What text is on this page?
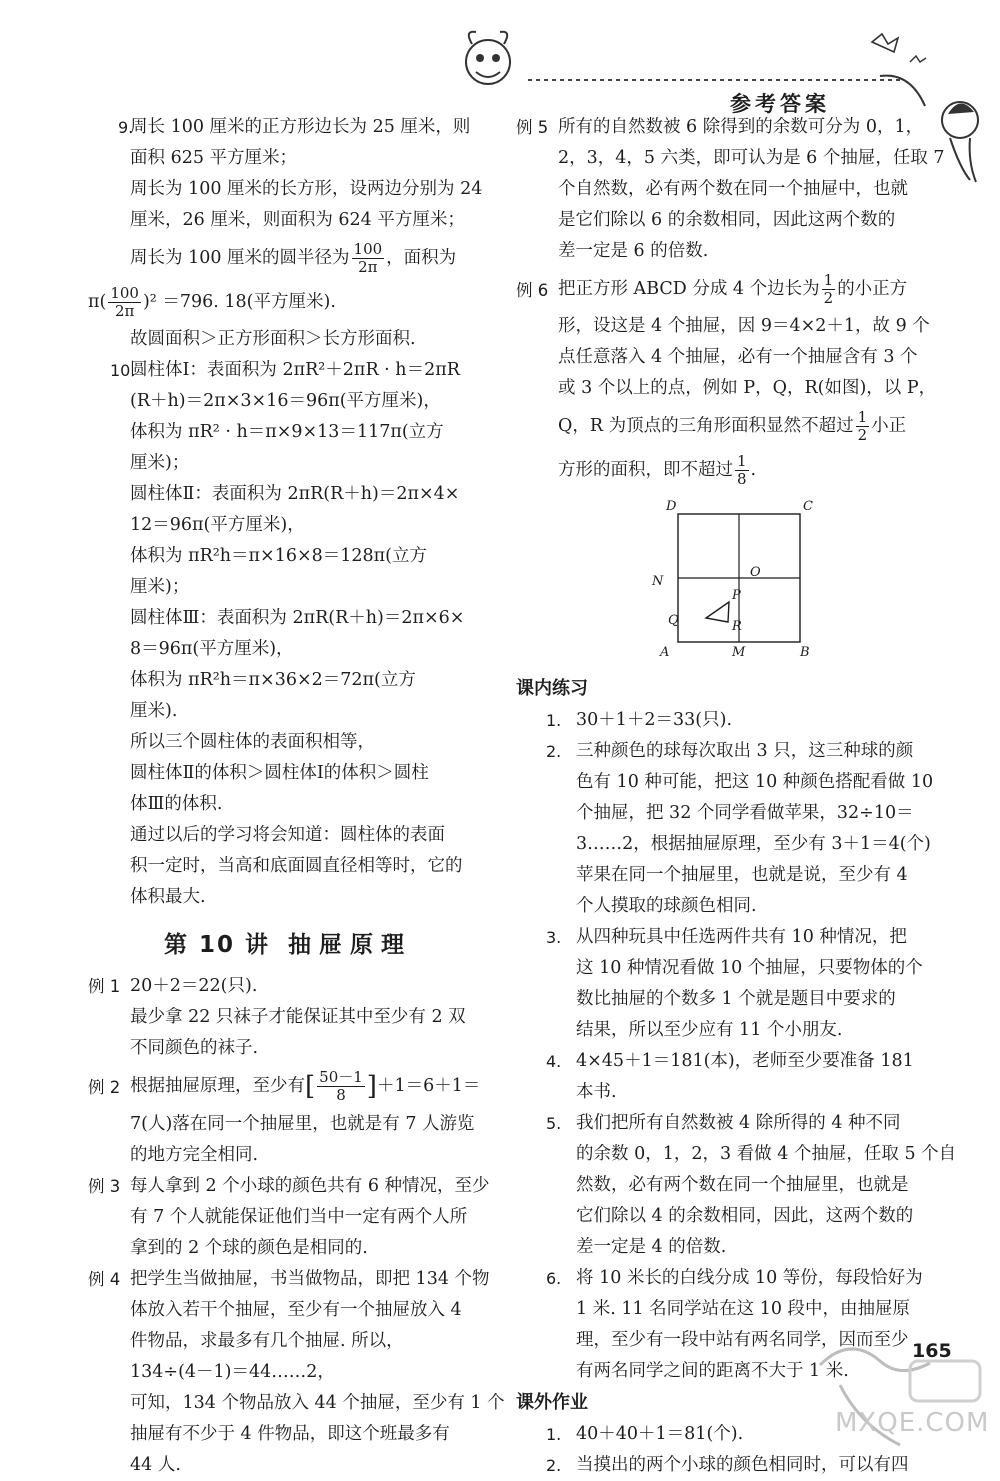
参考答案
9.
周长 100 厘米的正方形边长为 25 厘米，则
面积 625 平方厘米；
周长为 100 厘米的长方形，设两边分别为 24
厘米，26 厘米，则面积为 624 平方厘米；
周长为 100 厘米的圆半径为 $\frac{100}{2\pi}$ ，面积为
$\pi( \frac{100}{2\pi} )^2 =796$. 18(平方厘米).
故圆面积＞正方形面积＞长方形面积.
10.
圆柱体Ⅰ：表面积为 2πR²＋2πR · h＝2πR
(R＋h)＝2π×3×16＝96π(平方厘米)，
体积为 πR² · h＝π×9×13＝117π(立方
厘米)；
圆柱体Ⅱ：表面积为 2πR(R＋h)＝2π×4×
12＝96π(平方厘米)，
体积为 πR²h＝π×16×8＝128π(立方
厘米)；
圆柱体Ⅲ：表面积为 2πR(R＋h)＝2π×6×
8＝96π(平方厘米)，
体积为 πR²h＝π×36×2＝72π(立方
厘米).
所以三个圆柱体的表面积相等，
圆柱体Ⅱ的体积＞圆柱体Ⅰ的体积＞圆柱
体Ⅲ的体积.
通过以后的学习将会知道：圆柱体的表面
积一定时，当高和底面圆直径相等时，它的
体积最大.
第 10 讲 抽屉原理
例 1 20＋2＝22(只).
最少拿 22 只袜子才能保证其中至少有 2 双
不同颜色的袜子.
例 2 根据抽屉原理，至少有[ $\frac{50-1}{8} ]+1=6+1=$
7(人)落在同一个抽屉里，也就是有 7 人游览
的地方完全相同.
例 3 每人拿到 2 个小球的颜色共有 6 种情况，至少
有 7 个人就能保证他们当中一定有两个人所
拿到的 2 个球的颜色是相同的.
例 4 把学生当做抽屉，书当做物品，即把 134 个物
体放入若干个抽屉，至少有一个抽屉放入 4
件物品，求最多有几个抽屉. 所以，
134÷(4－1)＝44……2，
可知，134 个物品放入 44 个抽屉，至少有 1 个
抽屉有不少于 4 件物品，即这个班最多有
44 人.
例 5 所有的自然数被 6 除得到的余数可分为 0，1，
2，3，4，5 六类，即可认为是 6 个抽屉，任取 7
个自然数，必有两个数在同一个抽屉中，也就
是它们除以 6 的余数相同，因此这两个数的
差一定是 6 的倍数.
例 6 把正方形 ABCD 分成 4 个边长为 $\frac{1}{2}$ 的小正方
形，设这是 4 个抽屉，因 9＝4×2＋1，故 9 个
点任意落入 4 个抽屉，必有一个抽屉含有 3 个
或 3 个以上的点，例如 P，Q，R(如图)，以 P，
Q，R 为顶点的三角形面积显然不超过 $\frac{1}{2}$ 小正
方形的面积，即不超过 $\frac{1}{8}$ .
D	C
O
N
P
Q	R
A	M	B
课内练习
1. 30＋1＋2＝33(只).
2. 三种颜色的球每次取出 3 只，这三种球的颜
色有 10 种可能，把这 10 种颜色搭配看做 10
个抽屉，把 32 个同学看做苹果，32÷10＝
3……2，根据抽屉原理，至少有 3＋1＝4(个)
苹果在同一个抽屉里，也就是说，至少有 4
个人摸取的球颜色相同.
3. 从四种玩具中任选两件共有 10 种情况，把
这 10 种情况看做 10 个抽屉，只要物体的个
数比抽屉的个数多 1 个就是题目中要求的
结果，所以至少应有 11 个小朋友.
4. 4×45＋1＝181(本)，老师至少要准备 181
本书.
5. 我们把所有自然数被 4 除所得的 4 种不同
的余数 0，1，2，3 看做 4 个抽屉，任取 5 个自
然数，必有两个数在同一个抽屉里，也就是
它们除以 4 的余数相同，因此，这两个数的
差一定是 4 的倍数.
6. 将 10 米长的白线分成 10 等份，每段恰好为
1 米. 11 名同学站在这 10 段中，由抽屉原
理，至少有一段中站有两名同学，因而至少
有两名同学之间的距离不大于 1 米.
课外作业
1. 40＋40＋1＝81(个).
2. 当摸出的两个小球的颜色相同时，可以有四
165
MXQE.COM
